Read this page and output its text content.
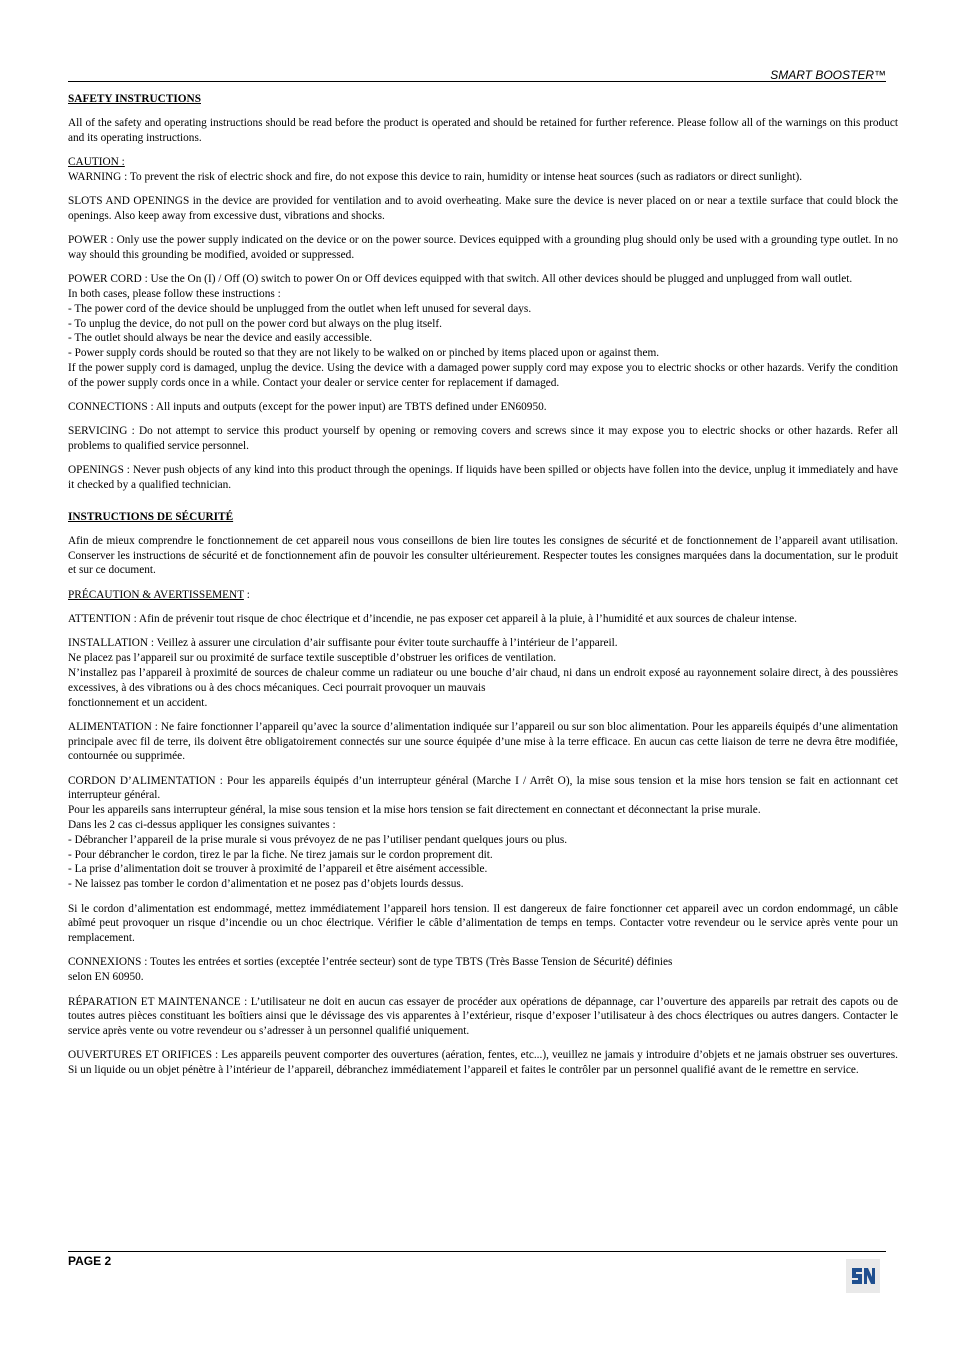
SMART BOOSTER™
SAFETY INSTRUCTIONS

All of the safety and operating instructions should be read before the product is operated and should be retained for further reference. Please follow all of the warnings on this product and its operating instructions.

CAUTION :

WARNING : To prevent the risk of electric shock and fire, do not expose this device to rain, humidity or intense heat sources (such as radiators or direct sunlight).

SLOTS AND OPENINGS in the device are provided for ventilation and to avoid overheating. Make sure the device is never placed on or near a textile surface that could block the openings. Also keep away from excessive dust, vibrations and shocks.

POWER : Only use the power supply indicated on the device or on the power source. Devices equipped with a grounding plug should only be used with a grounding type outlet. In no way should this grounding be modified, avoided or suppressed.

POWER CORD : Use the On (I) / Off (O) switch to power On or Off devices equipped with that switch. All other devices should be plugged and unplugged from wall outlet.
In both cases, please follow these instructions :
- The power cord of the device should be unplugged from the outlet when left unused for several days.
- To unplug the device, do not pull on the power cord but always on the plug itself.
- The outlet should always be near the device and easily accessible.
- Power supply cords should be routed so that they are not likely to be walked on or pinched by items placed upon or against them.
If the power supply cord is damaged, unplug the device. Using the device with a damaged power supply cord may expose you to electric shocks or other hazards. Verify the condition of the power supply cords once in a while. Contact your dealer or service center for replacement if damaged.

CONNECTIONS : All inputs and outputs (except for the power input) are TBTS defined under EN60950.

SERVICING : Do not attempt to service this product yourself by opening or removing covers and screws since it may expose you to electric shocks or other hazards. Refer all problems to qualified service personnel.

OPENINGS : Never push objects of any kind into this product through the openings. If liquids have been spilled or objects have follen into the device, unplug it immediately and have it checked by a qualified technician.

INSTRUCTIONS DE SÉCURITÉ

Afin de mieux comprendre le fonctionnement de cet appareil nous vous conseillons de bien lire toutes les consignes de sécurité et de fonctionnement de l’appareil avant utilisation. Conserver les instructions de sécurité et de fonctionnement afin de pouvoir les consulter ultérieurement. Respecter toutes les consignes marquées dans la documentation, sur le produit et sur ce document.

PRÉCAUTION & AVERTISSEMENT :

ATTENTION : Afin de prévenir tout risque de choc électrique et d’incendie, ne pas exposer cet appareil à la pluie, à l’humidité et aux sources de chaleur intense.

INSTALLATION : Veillez à assurer une circulation d’air suffisante pour éviter toute surchauffe à l’intérieur de l’appareil.
Ne placez pas l’appareil sur ou proximité de surface textile susceptible d’obstruer les orifices de ventilation.
N’installez pas l’appareil à proximité de sources de chaleur comme un radiateur ou une bouche d’air chaud, ni dans un endroit exposé au rayonnement solaire direct, à des poussières excessives, à des vibrations ou à des chocs mécaniques. Ceci pourrait provoquer un mauvais
fonctionnement et un accident.

ALIMENTATION : Ne faire fonctionner l’appareil qu’avec la source d’alimentation indiquée sur l’appareil ou sur son bloc alimentation. Pour les appareils équipés d’une alimentation principale avec fil de terre, ils doivent être obligatoirement connectés sur une source équipée d’une mise à la terre efficace. En aucun cas cette liaison de terre ne devra être modifiée, contournée ou supprimée.

CORDON D’ALIMENTATION : Pour les appareils équipés d’un interrupteur général (Marche I / Arrêt O), la mise sous tension et la mise hors tension se fait en actionnant cet interrupteur général.
Pour les appareils sans interrupteur général, la mise sous tension et la mise hors tension se fait directement en connectant et déconnectant la prise murale.
Dans les 2 cas ci-dessus appliquer les consignes suivantes :
- Débrancher l’appareil de la prise murale si vous prévoyez de ne pas l’utiliser pendant quelques jours ou plus.
- Pour débrancher le cordon, tirez le par la fiche. Ne tirez jamais sur le cordon proprement dit.
- La prise d’alimentation doit se trouver à proximité de l’appareil et être aisément accessible.
- Ne laissez pas tomber le cordon d’alimentation et ne posez pas d’objets lourds dessus.

Si le cordon d’alimentation est endommagé, mettez immédiatement l’appareil hors tension. Il est dangereux de faire fonctionner cet appareil avec un cordon endommagé, un câble abîmé peut provoquer un risque d’incendie ou un choc électrique. Vérifier le câble d’alimentation de temps en temps. Contacter votre revendeur ou le service après vente pour un remplacement.

CONNEXIONS : Toutes les entrées et sorties (exceptée l’entrée secteur) sont de type TBTS (Très Basse Tension de Sécurité) définies
selon EN 60950.

RÉPARATION ET MAINTENANCE : L’utilisateur ne doit en aucun cas essayer de procéder aux opérations de dépannage, car l’ouverture des appareils par retrait des capots ou de toutes autres pièces constituant les boîtiers ainsi que le dévissage des vis apparentes à l’extérieur, risque d’exposer l’utilisateur à des chocs électriques ou autres dangers. Contacter le service après vente ou votre revendeur ou s’adresser à un personnel qualifié uniquement.

OUVERTURES ET ORIFICES : Les appareils peuvent comporter des ouvertures (aération, fentes, etc...), veuillez ne jamais y introduire d’objets et ne jamais obstruer ses ouvertures. Si un liquide ou un objet pénètre à l’intérieur de l’appareil, débranchez immédiatement l’appareil et faites le contrôler par un personnel qualifié avant de le remettre en service.

PAGE 2
